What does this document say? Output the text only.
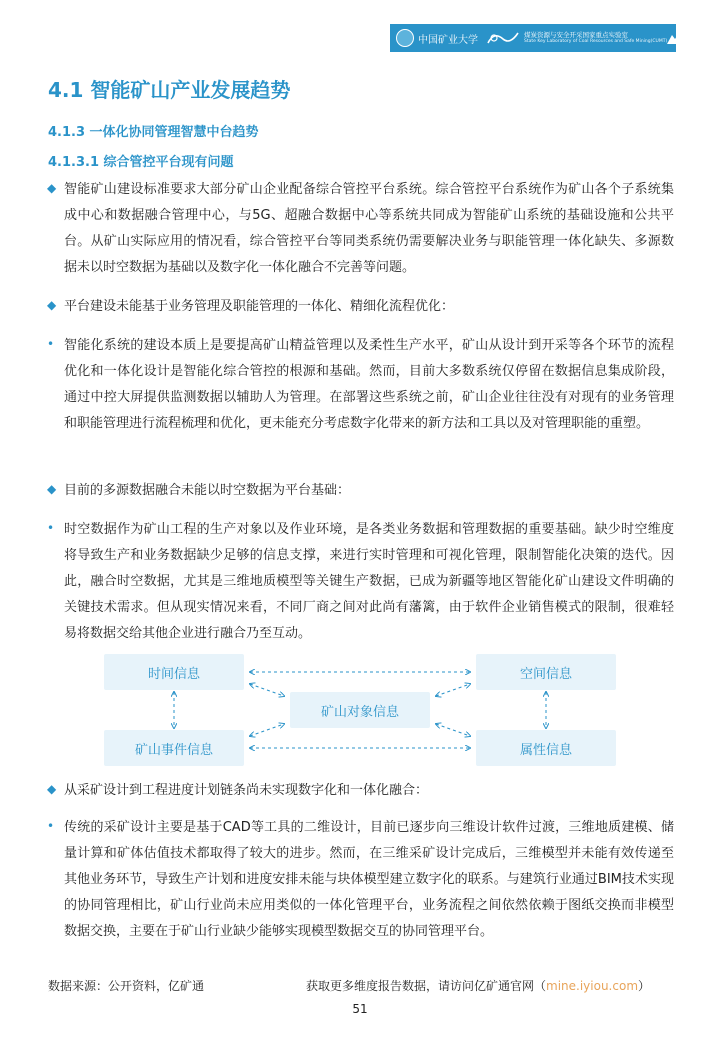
中国矿业大学	煤炭资源与安全开采国家重点实验室
State Key Laboratory of Coal Resources and Safe Mining(CUMT) 亿矿通
4.1 智能矿山产业发展趋势
4.1.3 一体化协同管理智慧中台趋势
4.1.3.1 综合管控平台现有问题
◆ 智能矿山建设标准要求大部分矿山企业配备综合管控平台系统。综合管控平台系统作为矿山各个子系统集成中心和数据融合管理中心，与5G、超融合数据中心等系统共同成为智能矿山系统的基础设施和公共平台。从矿山实际应用的情况看，综合管控平台等同类系统仍需要解决业务与职能管理一体化缺失、多源数据未以时空数据为基础以及数字化一体化融合不完善等问题。

◆ 平台建设未能基于业务管理及职能管理的一体化、精细化流程优化：

• 智能化系统的建设本质上是要提高矿山精益管理以及柔性生产水平，矿山从设计到开采等各个环节的流程优化和一体化设计是智能化综合管控的根源和基础。然而，目前大多数系统仅停留在数据信息集成阶段，通过中控大屏提供监测数据以辅助人为管理。在部署这些系统之前，矿山企业往往没有对现有的业务管理和职能管理进行流程梳理和优化，更未能充分考虑数字化带来的新方法和工具以及对管理职能的重塑。

◆ 目前的多源数据融合未能以时空数据为平台基础：

• 时空数据作为矿山工程的生产对象以及作业环境，是各类业务数据和管理数据的重要基础。缺少时空维度将导致生产和业务数据缺少足够的信息支撑，来进行实时管理和可视化管理，限制智能化决策的迭代。因此，融合时空数据，尤其是三维地质模型等关键生产数据，已成为新疆等地区智能化矿山建设文件明确的关键技术需求。但从现实情况来看，不同厂商之间对此尚有藩篱，由于软件企业销售模式的限制，很难轻易将数据交给其他企业进行融合乃至互动。

时间信息	空间信息
矿山对象信息
矿山事件信息	属性信息
◆ 从采矿设计到工程进度计划链条尚未实现数字化和一体化融合：

• 传统的采矿设计主要是基于CAD等工具的二维设计，目前已逐步向三维设计软件过渡，三维地质建模、储量计算和矿体估值技术都取得了较大的进步。然而，在三维采矿设计完成后，三维模型并未能有效传递至其他业务环节，导致生产计划和进度安排未能与块体模型建立数字化的联系。与建筑行业通过BIM技术实现的协同管理相比，矿山行业尚未应用类似的一体化管理平台，业务流程之间依然依赖于图纸交换而非模型数据交换，主要在于矿山行业缺少能够实现模型数据交互的协同管理平台。

数据来源：公开资料，亿矿通	获取更多维度报告数据，请访问亿矿通官网（mine.iyiou.com）
51
